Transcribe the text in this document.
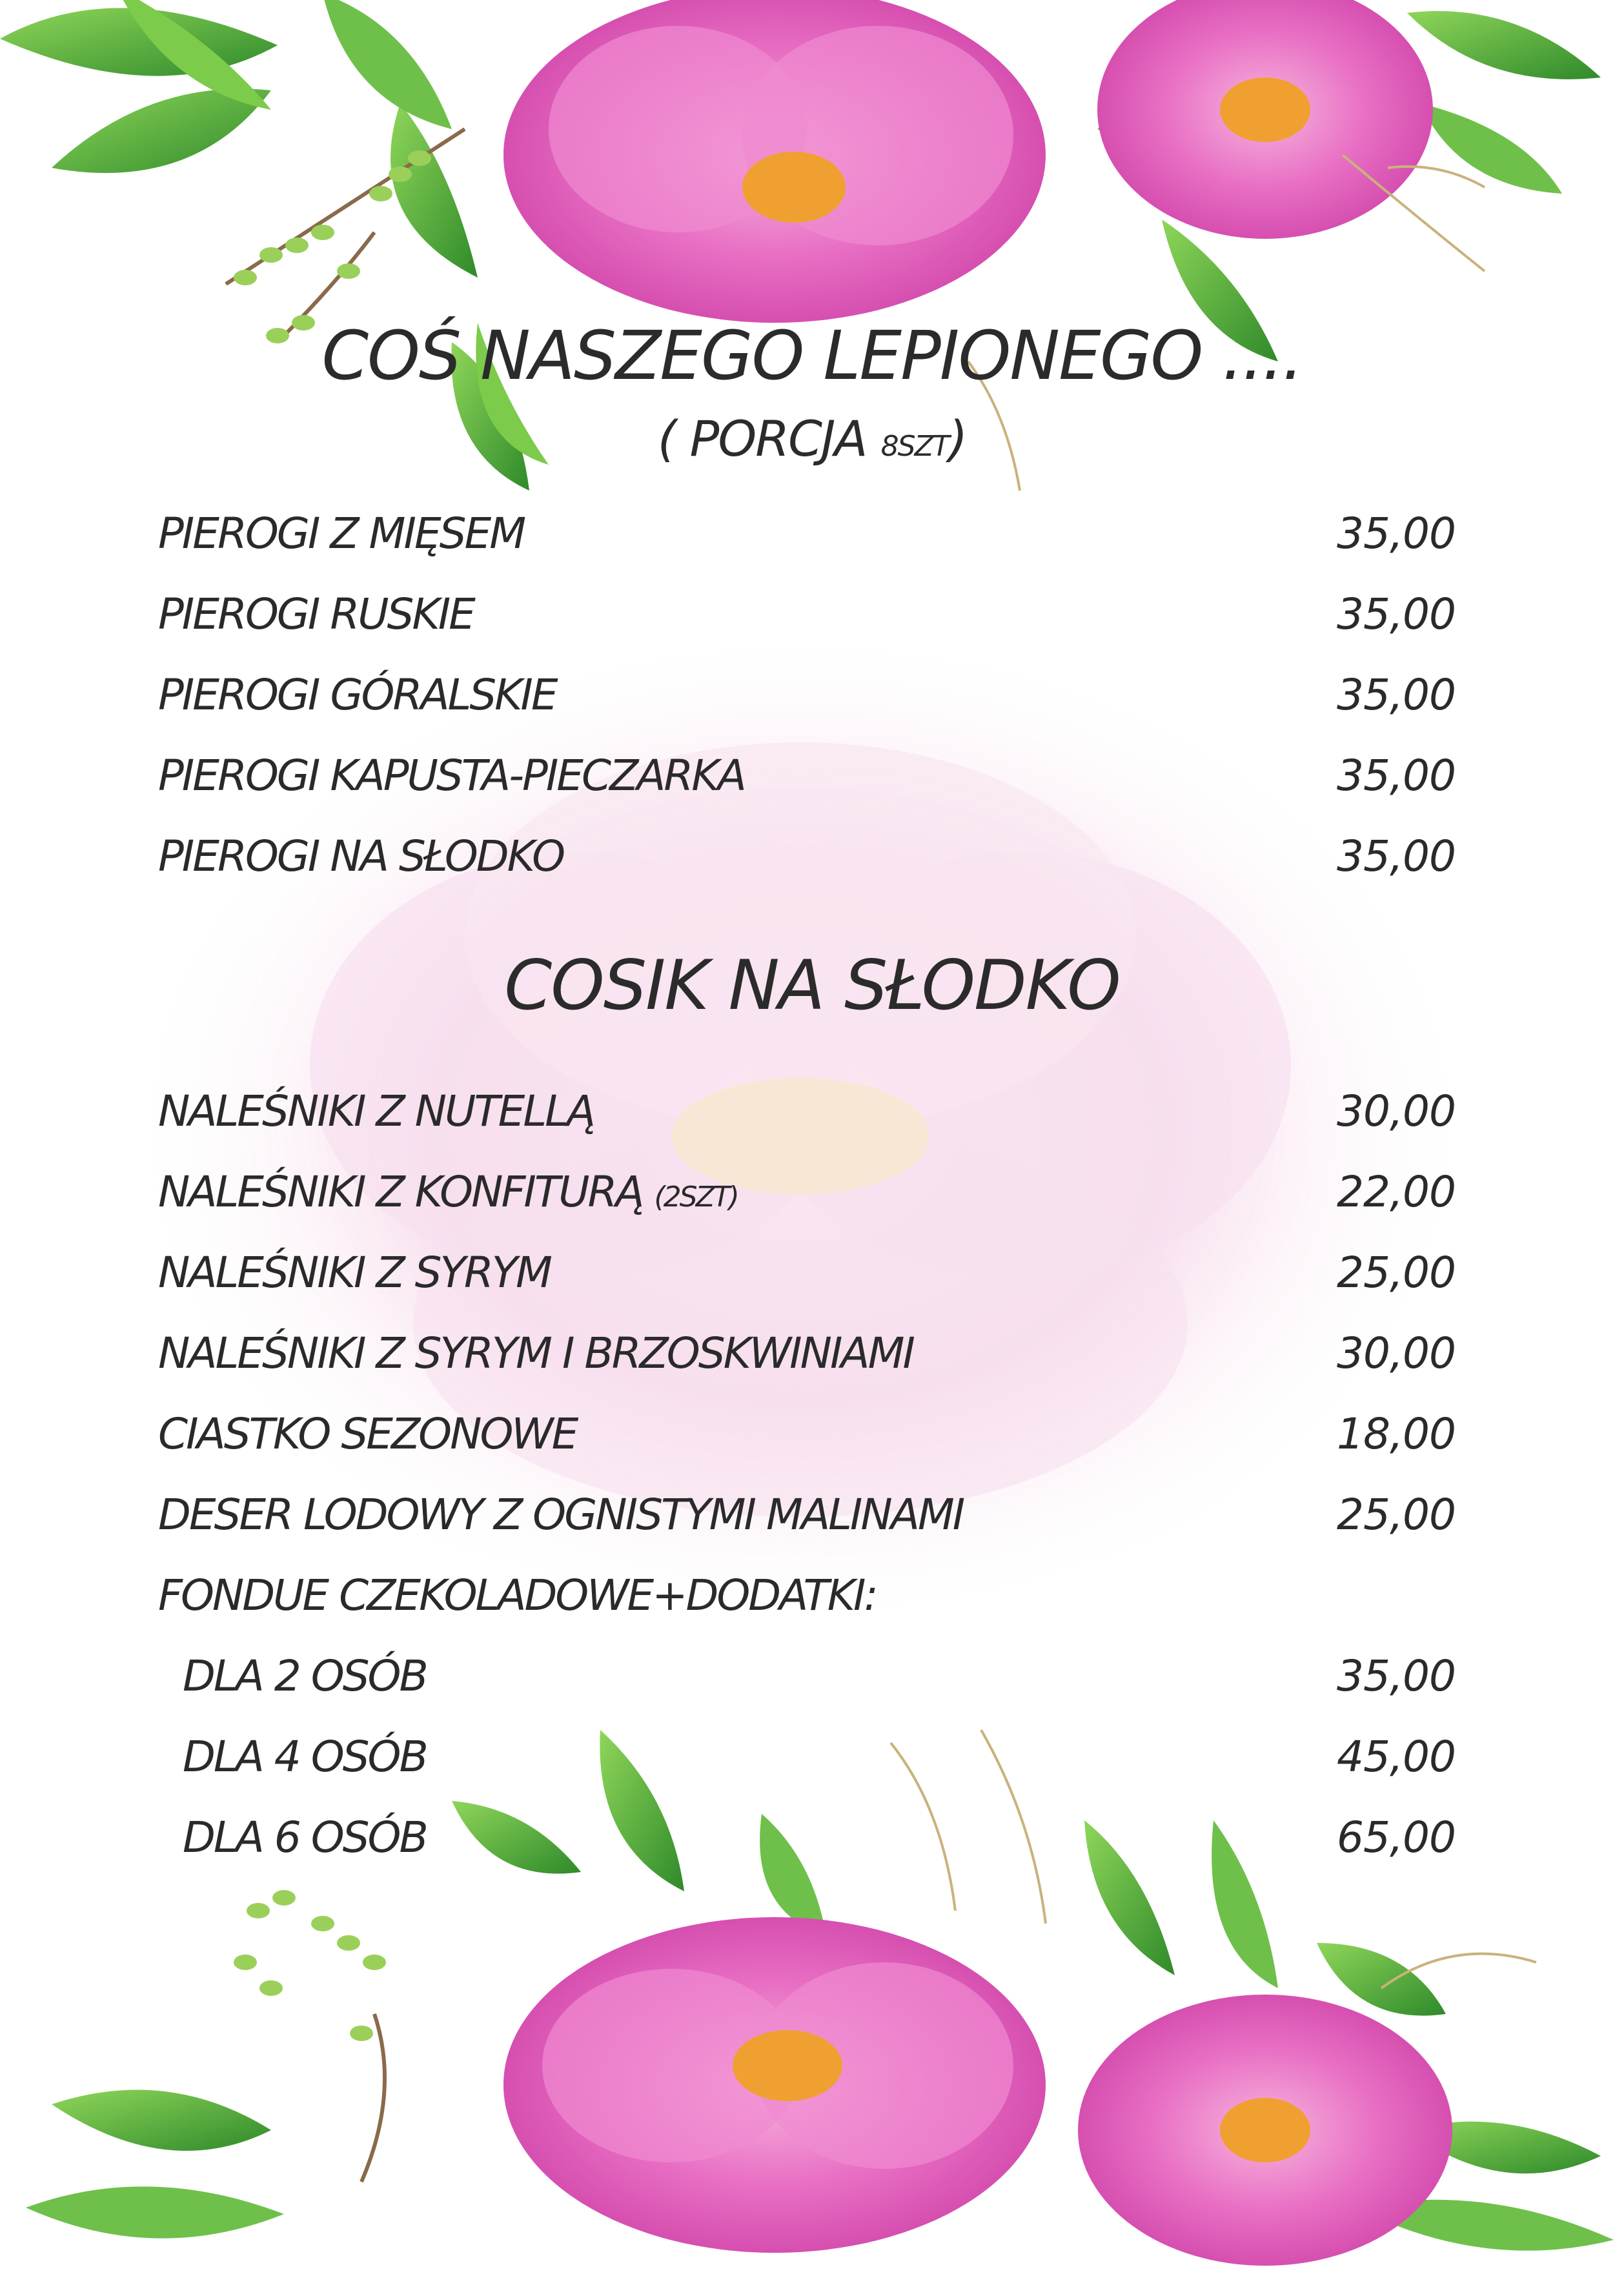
COŚ NASZEGO LEPIONEGO ....
( PORCJA 8SZT)
PIEROGI Z MIĘSEM	35,00
PIEROGI RUSKIE	35,00
PIEROGI GÓRALSKIE	35,00
PIEROGI KAPUSTA-PIECZARKA	35,00
PIEROGI NA SŁODKO	35,00
COSIK NA SŁODKO
NALEŚNIKI Z NUTELLĄ	30,00
NALEŚNIKI Z KONFITURĄ (2SZT)	22,00
NALEŚNIKI Z SYRYM	25,00
NALEŚNIKI Z SYRYM I BRZOSKWINIAMI	30,00
CIASTKO SEZONOWE	18,00
DESER LODOWY Z OGNISTYMI MALINAMI	25,00
FONDUE CZEKOLADOWE+DODATKI:
DLA 2 OSÓB	35,00
DLA 4 OSÓB	45,00
DLA 6 OSÓB	65,00
